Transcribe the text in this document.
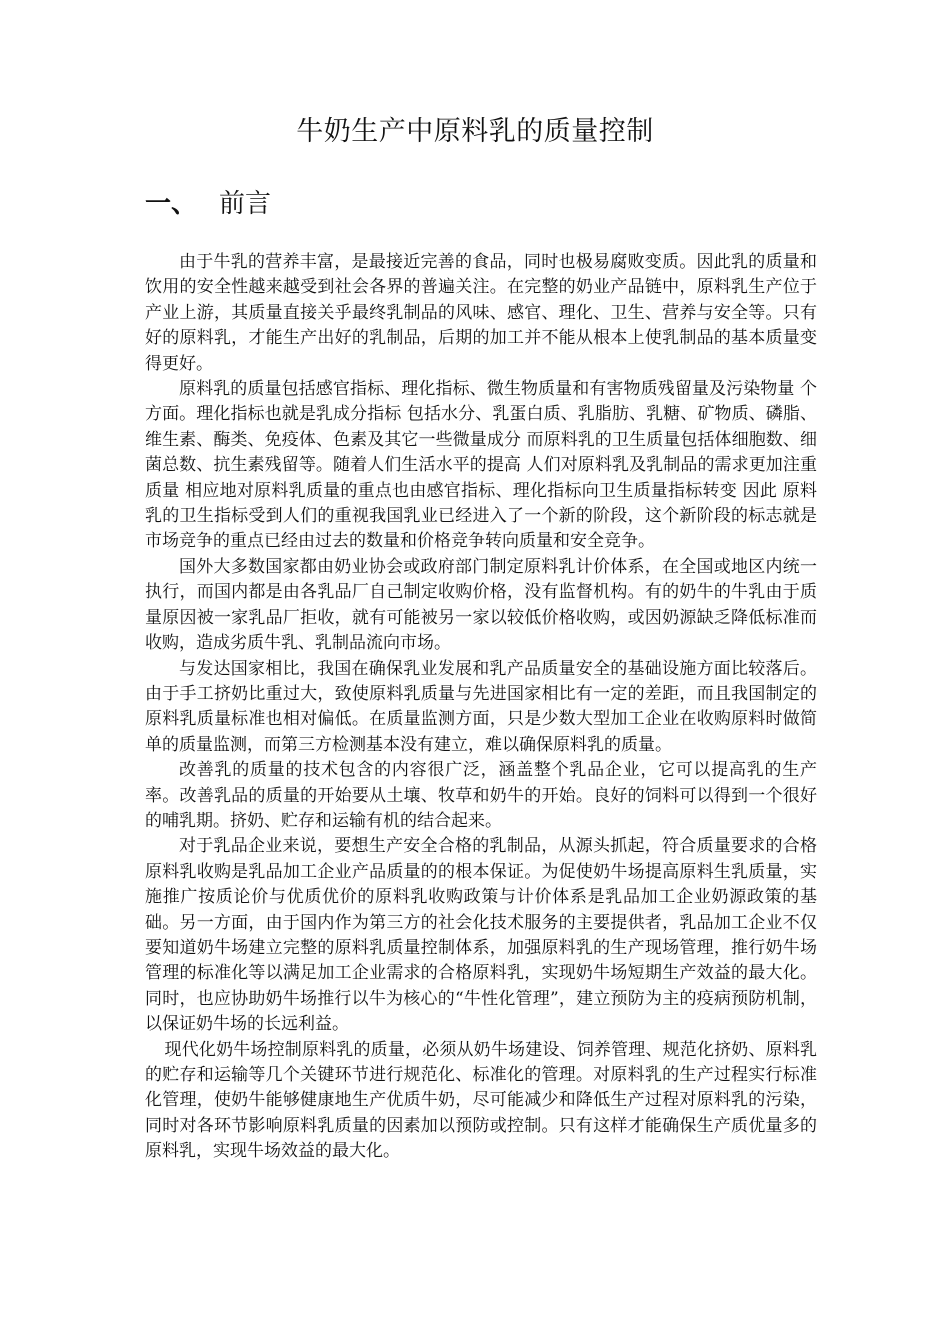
牛奶生产中原料乳的质量控制
一、 前言

由于牛乳的营养丰富，是最接近完善的食品，同时也极易腐败变质。因此乳的质量和饮用的安全性越来越受到社会各界的普遍关注。在完整的奶业产品链中，原料乳生产位于产业上游，其质量直接关乎最终乳制品的风味、感官、理化、卫生、营养与安全等。只有好的原料乳，才能生产出好的乳制品，后期的加工并不能从根本上使乳制品的基本质量变得更好。

原料乳的质量包括感官指标、理化指标、微生物质量和有害物质残留量及污染物量 个方面。理化指标也就是乳成分指标 包括水分、乳蛋白质、乳脂肪、乳糖、矿物质、磷脂、维生素、酶类、免疫体、色素及其它一些微量成分 而原料乳的卫生质量包括体细胞数、细菌总数、抗生素残留等。随着人们生活水平的提高 人们对原料乳及乳制品的需求更加注重质量 相应地对原料乳质量的重点也由感官指标、理化指标向卫生质量指标转变 因此 原料乳的卫生指标受到人们的重视我国乳业已经进入了一个新的阶段，这个新阶段的标志就是市场竞争的重点已经由过去的数量和价格竞争转向质量和安全竞争。

国外大多数国家都由奶业协会或政府部门制定原料乳计价体系，在全国或地区内统一执行，而国内都是由各乳品厂自己制定收购价格，没有监督机构。有的奶牛的牛乳由于质量原因被一家乳品厂拒收，就有可能被另一家以较低价格收购，或因奶源缺乏降低标准而收购，造成劣质牛乳、乳制品流向市场。

与发达国家相比，我国在确保乳业发展和乳产品质量安全的基础设施方面比较落后。由于手工挤奶比重过大，致使原料乳质量与先进国家相比有一定的差距，而且我国制定的原料乳质量标准也相对偏低。在质量监测方面，只是少数大型加工企业在收购原料时做简单的质量监测，而第三方检测基本没有建立，难以确保原料乳的质量。

改善乳的质量的技术包含的内容很广泛，涵盖整个乳品企业，它可以提高乳的生产率。改善乳品的质量的开始要从土壤、牧草和奶牛的开始。良好的饲料可以得到一个很好的哺乳期。挤奶、贮存和运输有机的结合起来。

对于乳品企业来说，要想生产安全合格的乳制品，从源头抓起，符合质量要求的合格原料乳收购是乳品加工企业产品质量的的根本保证。为促使奶牛场提高原料生乳质量，实施推广按质论价与优质优价的原料乳收购政策与计价体系是乳品加工企业奶源政策的基础。另一方面，由于国内作为第三方的社会化技术服务的主要提供者，乳品加工企业不仅要知道奶牛场建立完整的原料乳质量控制体系，加强原料乳的生产现场管理，推行奶牛场管理的标准化等以满足加工企业需求的合格原料乳，实现奶牛场短期生产效益的最大化。同时，也应协助奶牛场推行以牛为核心的“牛性化管理”，建立预防为主的疫病预防机制，以保证奶牛场的长远利益。

现代化奶牛场控制原料乳的质量，必须从奶牛场建设、饲养管理、规范化挤奶、原料乳的贮存和运输等几个关键环节进行规范化、标准化的管理。对原料乳的生产过程实行标准化管理，使奶牛能够健康地生产优质牛奶，尽可能减少和降低生产过程对原料乳的污染，同时对各环节影响原料乳质量的因素加以预防或控制。只有这样才能确保生产质优量多的原料乳，实现牛场效益的最大化。
